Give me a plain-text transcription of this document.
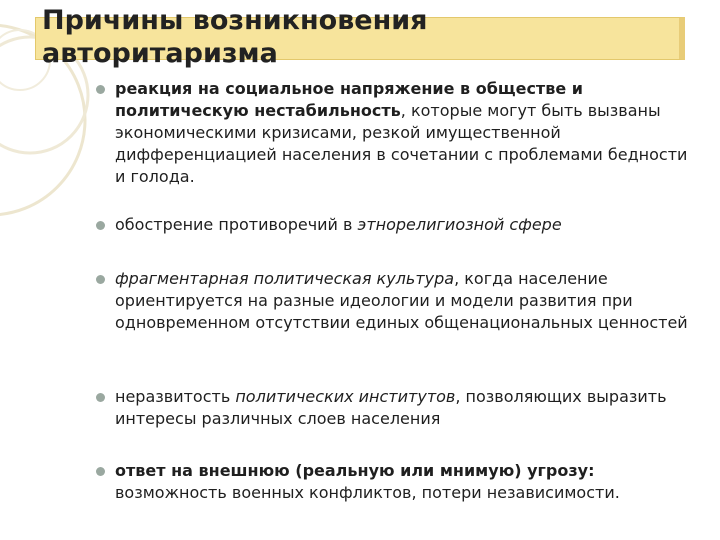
Причины возникновения
авторитаризма
реакция на социальное напряжение в обществе и политическую нестабильность, которые могут быть вызваны экономическими кризисами, резкой имущественной дифференциацией населения в сочетании с проблемами бедности и голода.
обострение противоречий в этнорелигиозной сфере
фрагментарная политическая культура, когда население ориентируется на разные идеологии и модели развития при одновременном отсутствии единых общенациональных ценностей
неразвитость политических институтов, позволяющих выразить интересы различных слоев населения
ответ на внешнюю (реальную или мнимую) угрозу: возможность военных конфликтов, потери независимости.
